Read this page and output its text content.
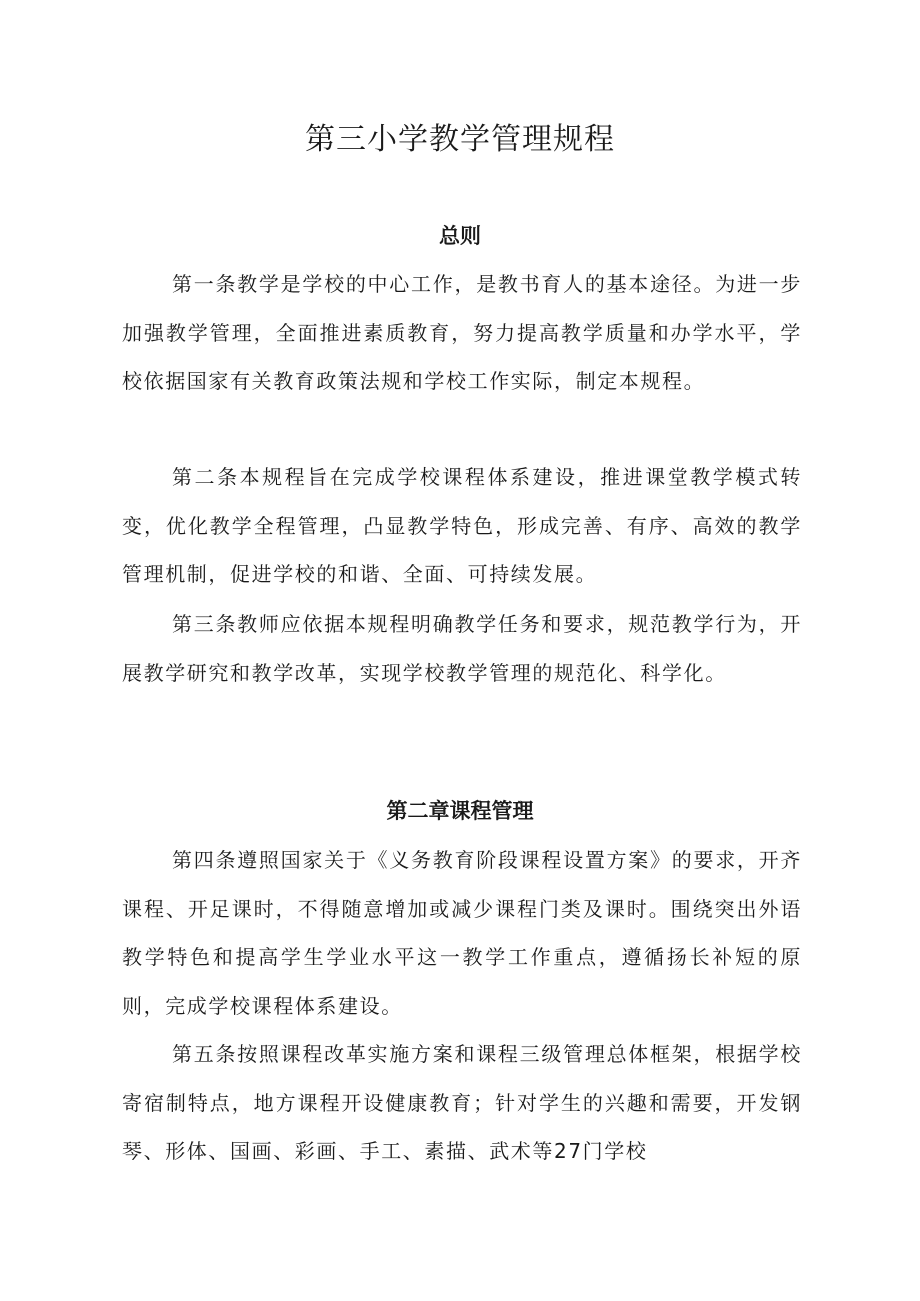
第三小学教学管理规程
总则

第一条教学是学校的中心工作，是教书育人的基本途径。为进一步加强教学管理，全面推进素质教育，努力提高教学质量和办学水平，学校依据国家有关教育政策法规和学校工作实际，制定本规程。

第二条本规程旨在完成学校课程体系建设，推进课堂教学模式转变，优化教学全程管理，凸显教学特色，形成完善、有序、高效的教学管理机制，促进学校的和谐、全面、可持续发展。

第三条教师应依据本规程明确教学任务和要求，规范教学行为，开展教学研究和教学改革，实现学校教学管理的规范化、科学化。

第二章课程管理

第四条遵照国家关于《义务教育阶段课程设置方案》的要求，开齐课程、开足课时，不得随意增加或减少课程门类及课时。围绕突出外语教学特色和提高学生学业水平这一教学工作重点，遵循扬长补短的原则，完成学校课程体系建设。

第五条按照课程改革实施方案和课程三级管理总体框架，根据学校寄宿制特点，地方课程开设健康教育；针对学生的兴趣和需要，开发钢琴、形体、国画、彩画、手工、素描、武术等27门学校
